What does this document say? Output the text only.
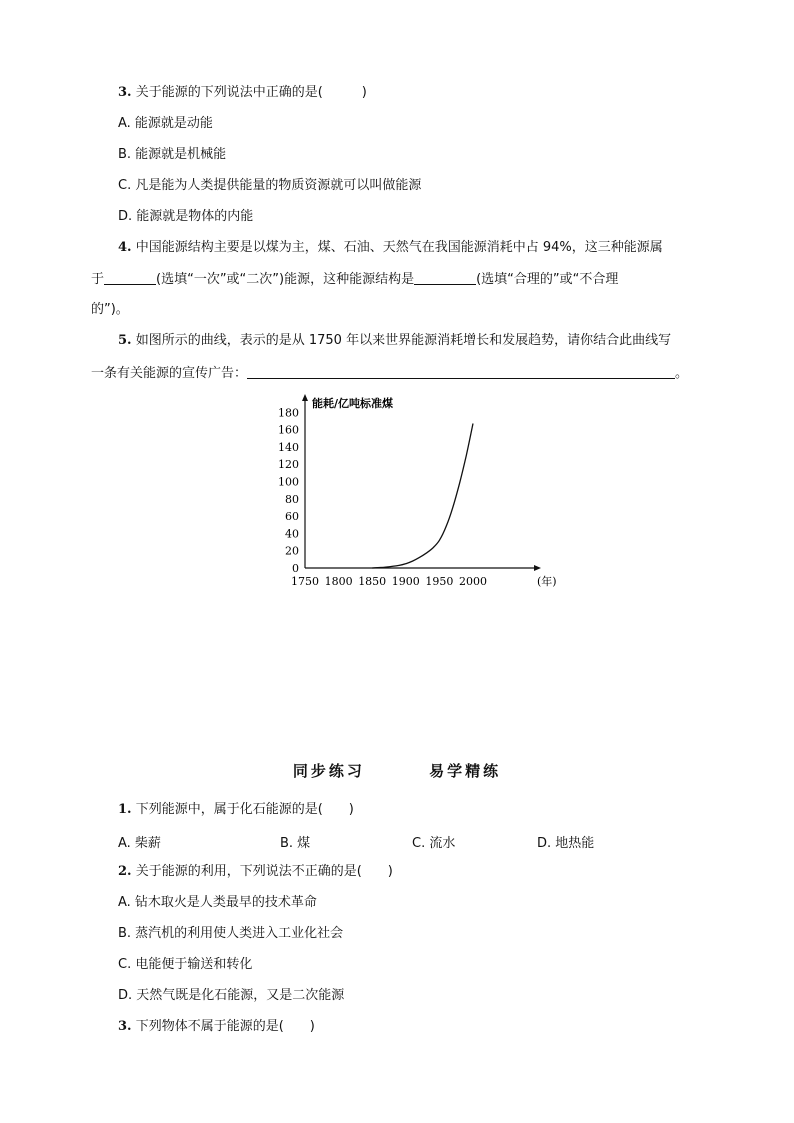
3. 关于能源的下列说法中正确的是(　　　)
A. 能源就是动能
B. 能源就是机械能
C. 凡是能为人类提供能量的物质资源就可以叫做能源
D. 能源就是物体的内能
4. 中国能源结构主要是以煤为主，煤、石油、天然气在我国能源消耗中占 94%，这三种能源属
于	(选填“一次”或“二次”)能源，这种能源结构是	(选填“合理的”或“不合理
的”)。
5. 如图所示的曲线，表示的是从 1750 年以来世界能源消耗增长和发展趋势，请你结合此曲线写
一条有关能源的宣传广告：	。
0
20
40
60
80
100
120
140
160
180
1750 1800 1850 1900 1950 2000
能耗/亿吨标准煤
(年)
同步练习	易学精练
1. 下列能源中，属于化石能源的是(　　)
A. 柴薪	B. 煤	C. 流水	D. 地热能
2. 关于能源的利用，下列说法不正确的是(　　)
A. 钻木取火是人类最早的技术革命
B. 蒸汽机的利用使人类进入工业化社会
C. 电能便于输送和转化
D. 天然气既是化石能源，又是二次能源
3. 下列物体不属于能源的是(　　)
